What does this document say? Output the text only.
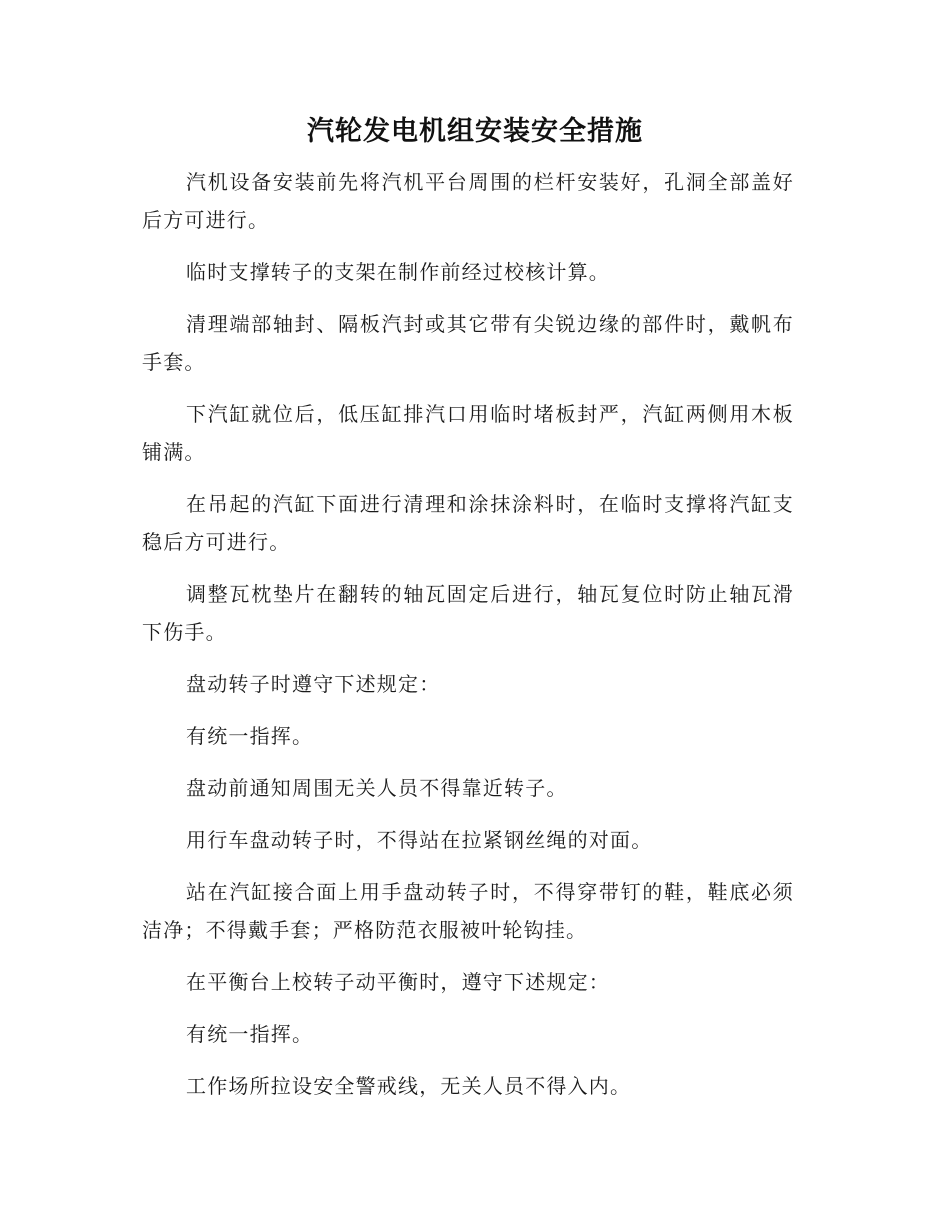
汽轮发电机组安装安全措施

汽机设备安装前先将汽机平台周围的栏杆安装好，孔洞全部盖好后方可进行。

临时支撑转子的支架在制作前经过校核计算。

清理端部轴封、隔板汽封或其它带有尖锐边缘的部件时，戴帆布手套。

下汽缸就位后，低压缸排汽口用临时堵板封严，汽缸两侧用木板铺满。

在吊起的汽缸下面进行清理和涂抹涂料时，在临时支撑将汽缸支稳后方可进行。

调整瓦枕垫片在翻转的轴瓦固定后进行，轴瓦复位时防止轴瓦滑下伤手。

盘动转子时遵守下述规定：

有统一指挥。

盘动前通知周围无关人员不得靠近转子。

用行车盘动转子时，不得站在拉紧钢丝绳的对面。

站在汽缸接合面上用手盘动转子时，不得穿带钉的鞋，鞋底必须洁净；不得戴手套；严格防范衣服被叶轮钩挂。

在平衡台上校转子动平衡时，遵守下述规定：

有统一指挥。

工作场所拉设安全警戒线，无关人员不得入内。
